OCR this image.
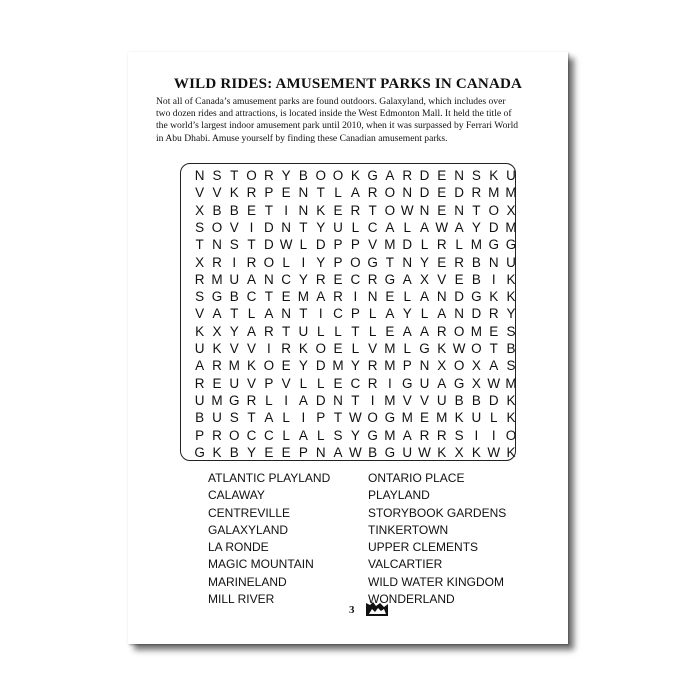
WILD RIDES: AMUSEMENT PARKS IN CANADA
Not all of Canada’s amusement parks are found outdoors. Galaxyland, which includes over
two dozen rides and attractions, is located inside the West Edmonton Mall. It held the title of
the world’s largest indoor amusement park until 2010, when it was surpassed by Ferrari World
in Abu Dhabi. Amuse yourself by finding these Canadian amusement parks.
N S T O R Y B O O K G A R D E N S K U
V V K R P E N T L A R O N D E D R M M
X B B E T I N K E R T O W N E N T O X
S O V I D N T Y U L C A L A W A Y D M
T N S T D W L D P P V M D L R L M G G
X R I R O L I Y P O G T N Y E R B N U
R M U A N C Y R E C R G A X V E B I K
S G B C T E M A R I N E L A N D G K K
V A T L A N T I C P L A Y L A N D R Y
K X Y A R T U L L T L E A A R O M E S
U K V V I R K O E L V M L G K W O T B
A R M K O E Y D M Y R M P N X O X A S
R E U V P V L L E C R I G U A G X W M
U M G R L I A D N T I M V V U B B D K
B U S T A L I P T W O G M E M K U L K
P R O C C L A L S Y G M A R R S I	I O
G K B Y E E P N A W B G U W K X K W K
ATLANTIC PLAYLAND
CALAWAY
CENTREVILLE
GALAXYLAND
LA RONDE
MAGIC MOUNTAIN
MARINELAND
MILL RIVER
ONTARIO PLACE
PLAYLAND
STORYBOOK GARDENS
TINKERTOWN
UPPER CLEMENTS
VALCARTIER
WILD WATER KINGDOM
WONDERLAND
3
